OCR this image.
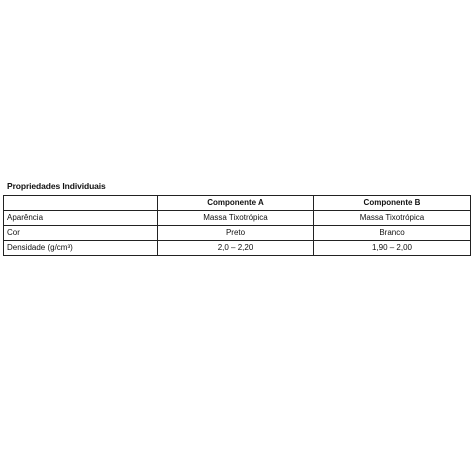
Propriedades Individuais
	Componente A	Componente B
Aparência	Massa Tixotrópica	Massa Tixotrópica
Cor	Preto	Branco
Densidade (g/cm³)	2,0 – 2,20	1,90 – 2,00
